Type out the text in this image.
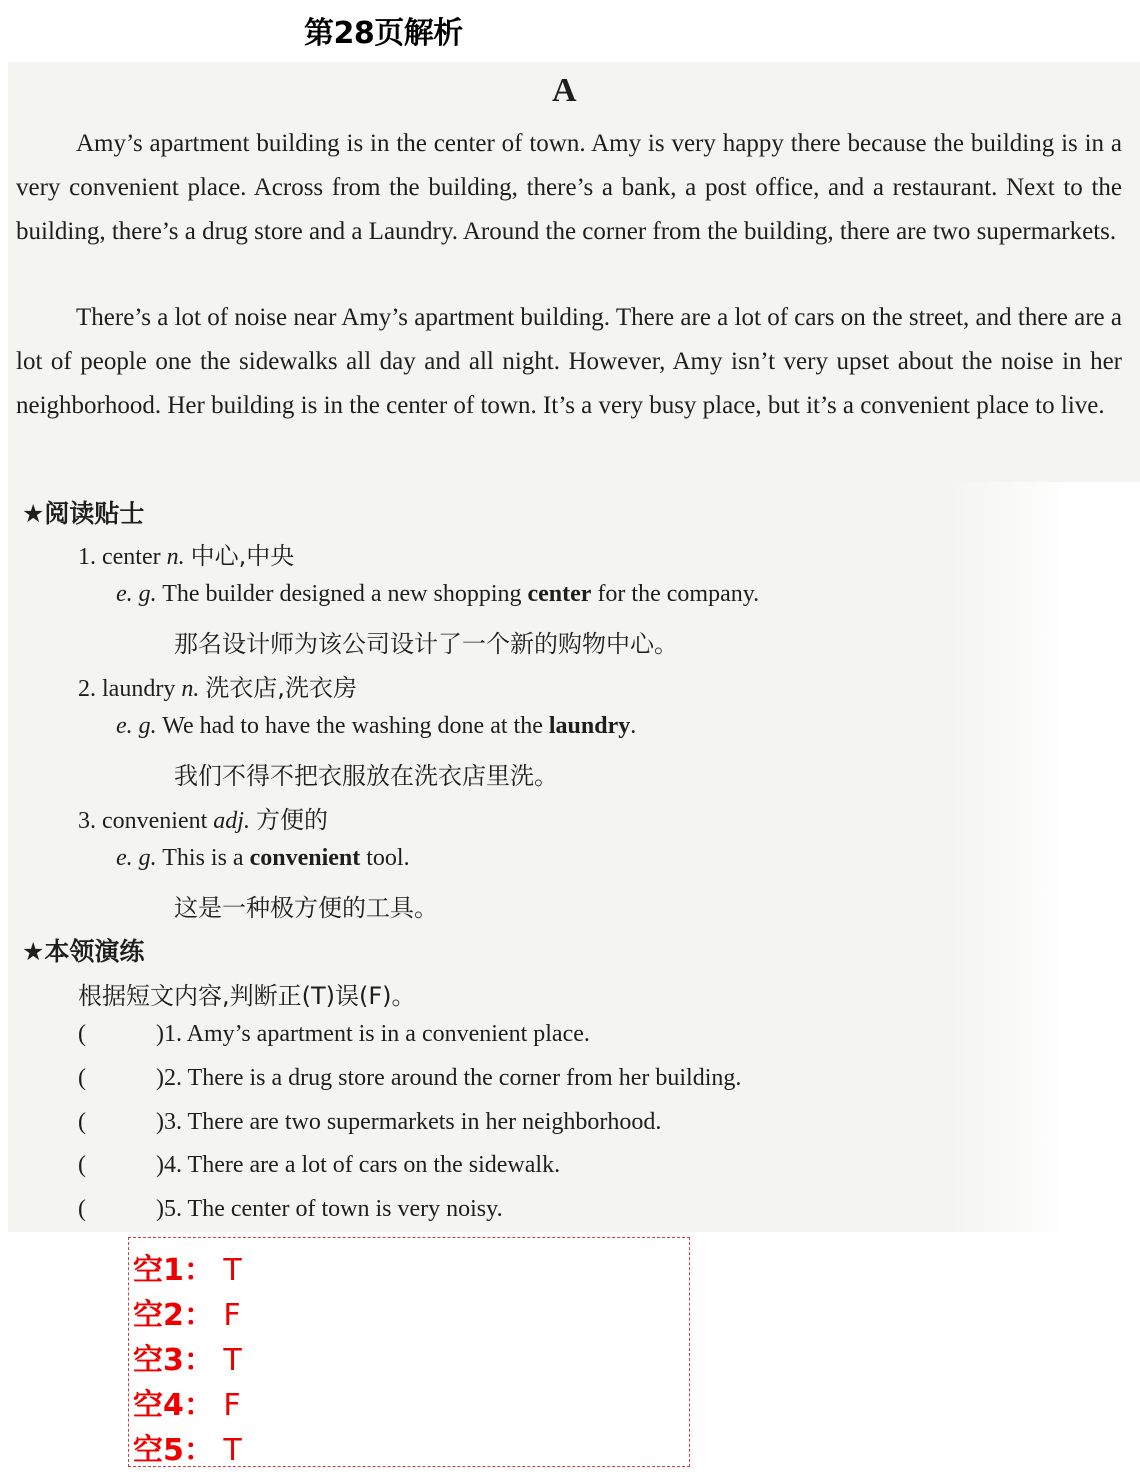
第28页解析
A

Amy’s apartment building is in the center of town. Amy is very happy there because the building is in a very convenient place. Across from the building, there’s a bank, a post office, and a restaurant. Next to the building, there’s a drug store and a Laundry. Around the corner from the building, there are two supermarkets.

There’s a lot of noise near Amy’s apartment building. There are a lot of cars on the street, and there are a lot of people one the sidewalks all day and all night. However, Amy isn’t very upset about the noise in her neighborhood. Her building is in the center of town. It’s a very busy place, but it’s a convenient place to live.

★阅读贴士
1. center n. 中心,中央
e. g. The builder designed a new shopping center for the company.
那名设计师为该公司设计了一个新的购物中心。
2. laundry n. 洗衣店,洗衣房
e. g. We had to have the washing done at the laundry.
我们不得不把衣服放在洗衣店里洗。
3. convenient adj. 方便的
e. g. This is a convenient tool.
这是一种极方便的工具。
★本领演练
根据短文内容,判断正(T)误(F)。
(	)1. Amy’s apartment is in a convenient place.
(	)2. There is a drug store around the corner from her building.
(	)3. There are two supermarkets in her neighborhood.
(	)4. There are a lot of cars on the sidewalk.
(	)5. The center of town is very noisy.
空1： T
空2： F
空3： T
空4： F
空5： T
